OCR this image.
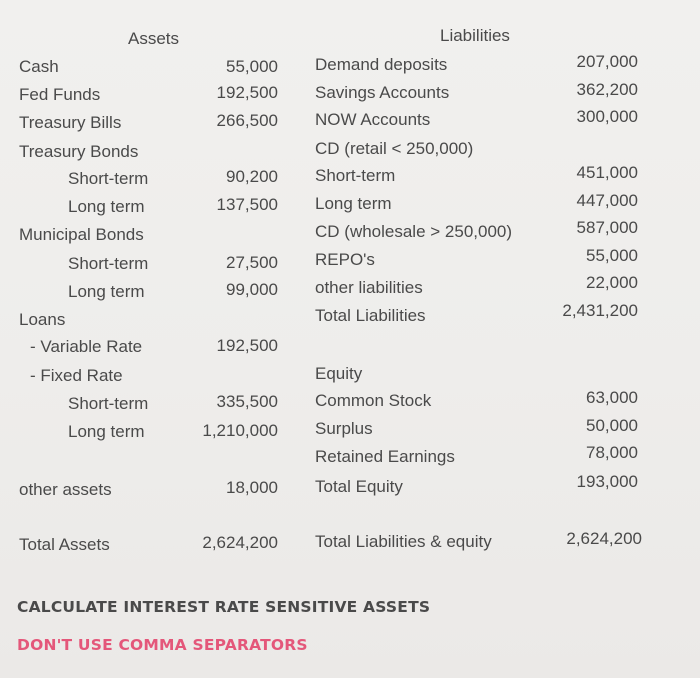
Assets
Cash	55,000
Fed Funds	192,500
Treasury Bills	266,500
Treasury Bonds
Short-term	90,200
Long term	137,500
Municipal Bonds
Short-term	27,500
Long term	99,000
Loans
- Variable Rate	192,500
- Fixed Rate
Short-term	335,500
Long term	1,210,000
other assets	18,000
Total Assets	2,624,200
Liabilities
Demand deposits	207,000
Savings Accounts	362,200
NOW Accounts	300,000
CD (retail < 250,000)
Short-term	451,000
Long term	447,000
CD (wholesale > 250,000)	587,000
REPO's	55,000
other liabilities	22,000
Total Liabilities	2,431,200
Equity
Common Stock	63,000
Surplus	50,000
Retained Earnings	78,000
Total Equity	193,000
Total Liabilities & equity	2,624,200
CALCULATE INTEREST RATE SENSITIVE ASSETS
DON'T USE COMMA SEPARATORS
